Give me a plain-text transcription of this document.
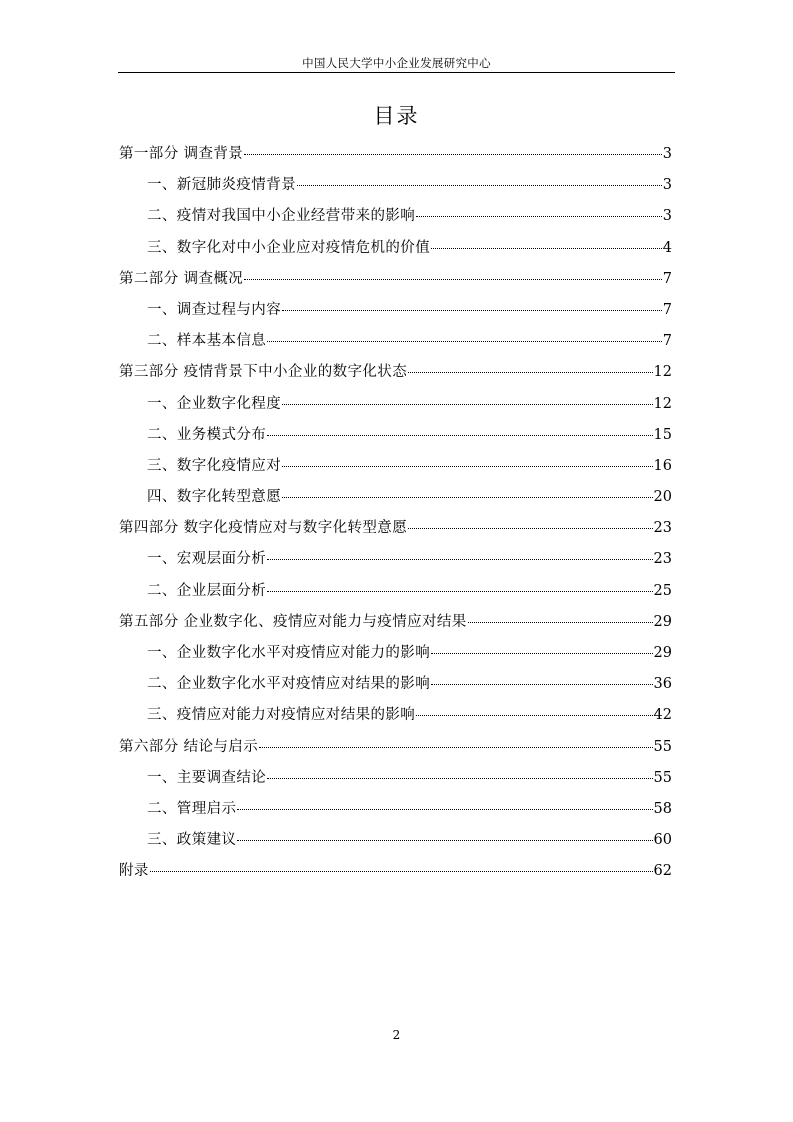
中国人民大学中小企业发展研究中心
目录
第一部分 调查背景	3
一、新冠肺炎疫情背景	3
二、疫情对我国中小企业经营带来的影响	3
三、数字化对中小企业应对疫情危机的价值	4
第二部分 调查概况	7
一、调查过程与内容	7
二、样本基本信息	7
第三部分 疫情背景下中小企业的数字化状态	12
一、企业数字化程度	12
二、业务模式分布	15
三、数字化疫情应对	16
四、数字化转型意愿	20
第四部分 数字化疫情应对与数字化转型意愿	23
一、宏观层面分析	23
二、企业层面分析	25
第五部分 企业数字化、疫情应对能力与疫情应对结果	29
一、企业数字化水平对疫情应对能力的影响	29
二、企业数字化水平对疫情应对结果的影响	36
三、疫情应对能力对疫情应对结果的影响	42
第六部分 结论与启示	55
一、主要调查结论	55
二、管理启示	58
三、政策建议	60
附录	62
2
